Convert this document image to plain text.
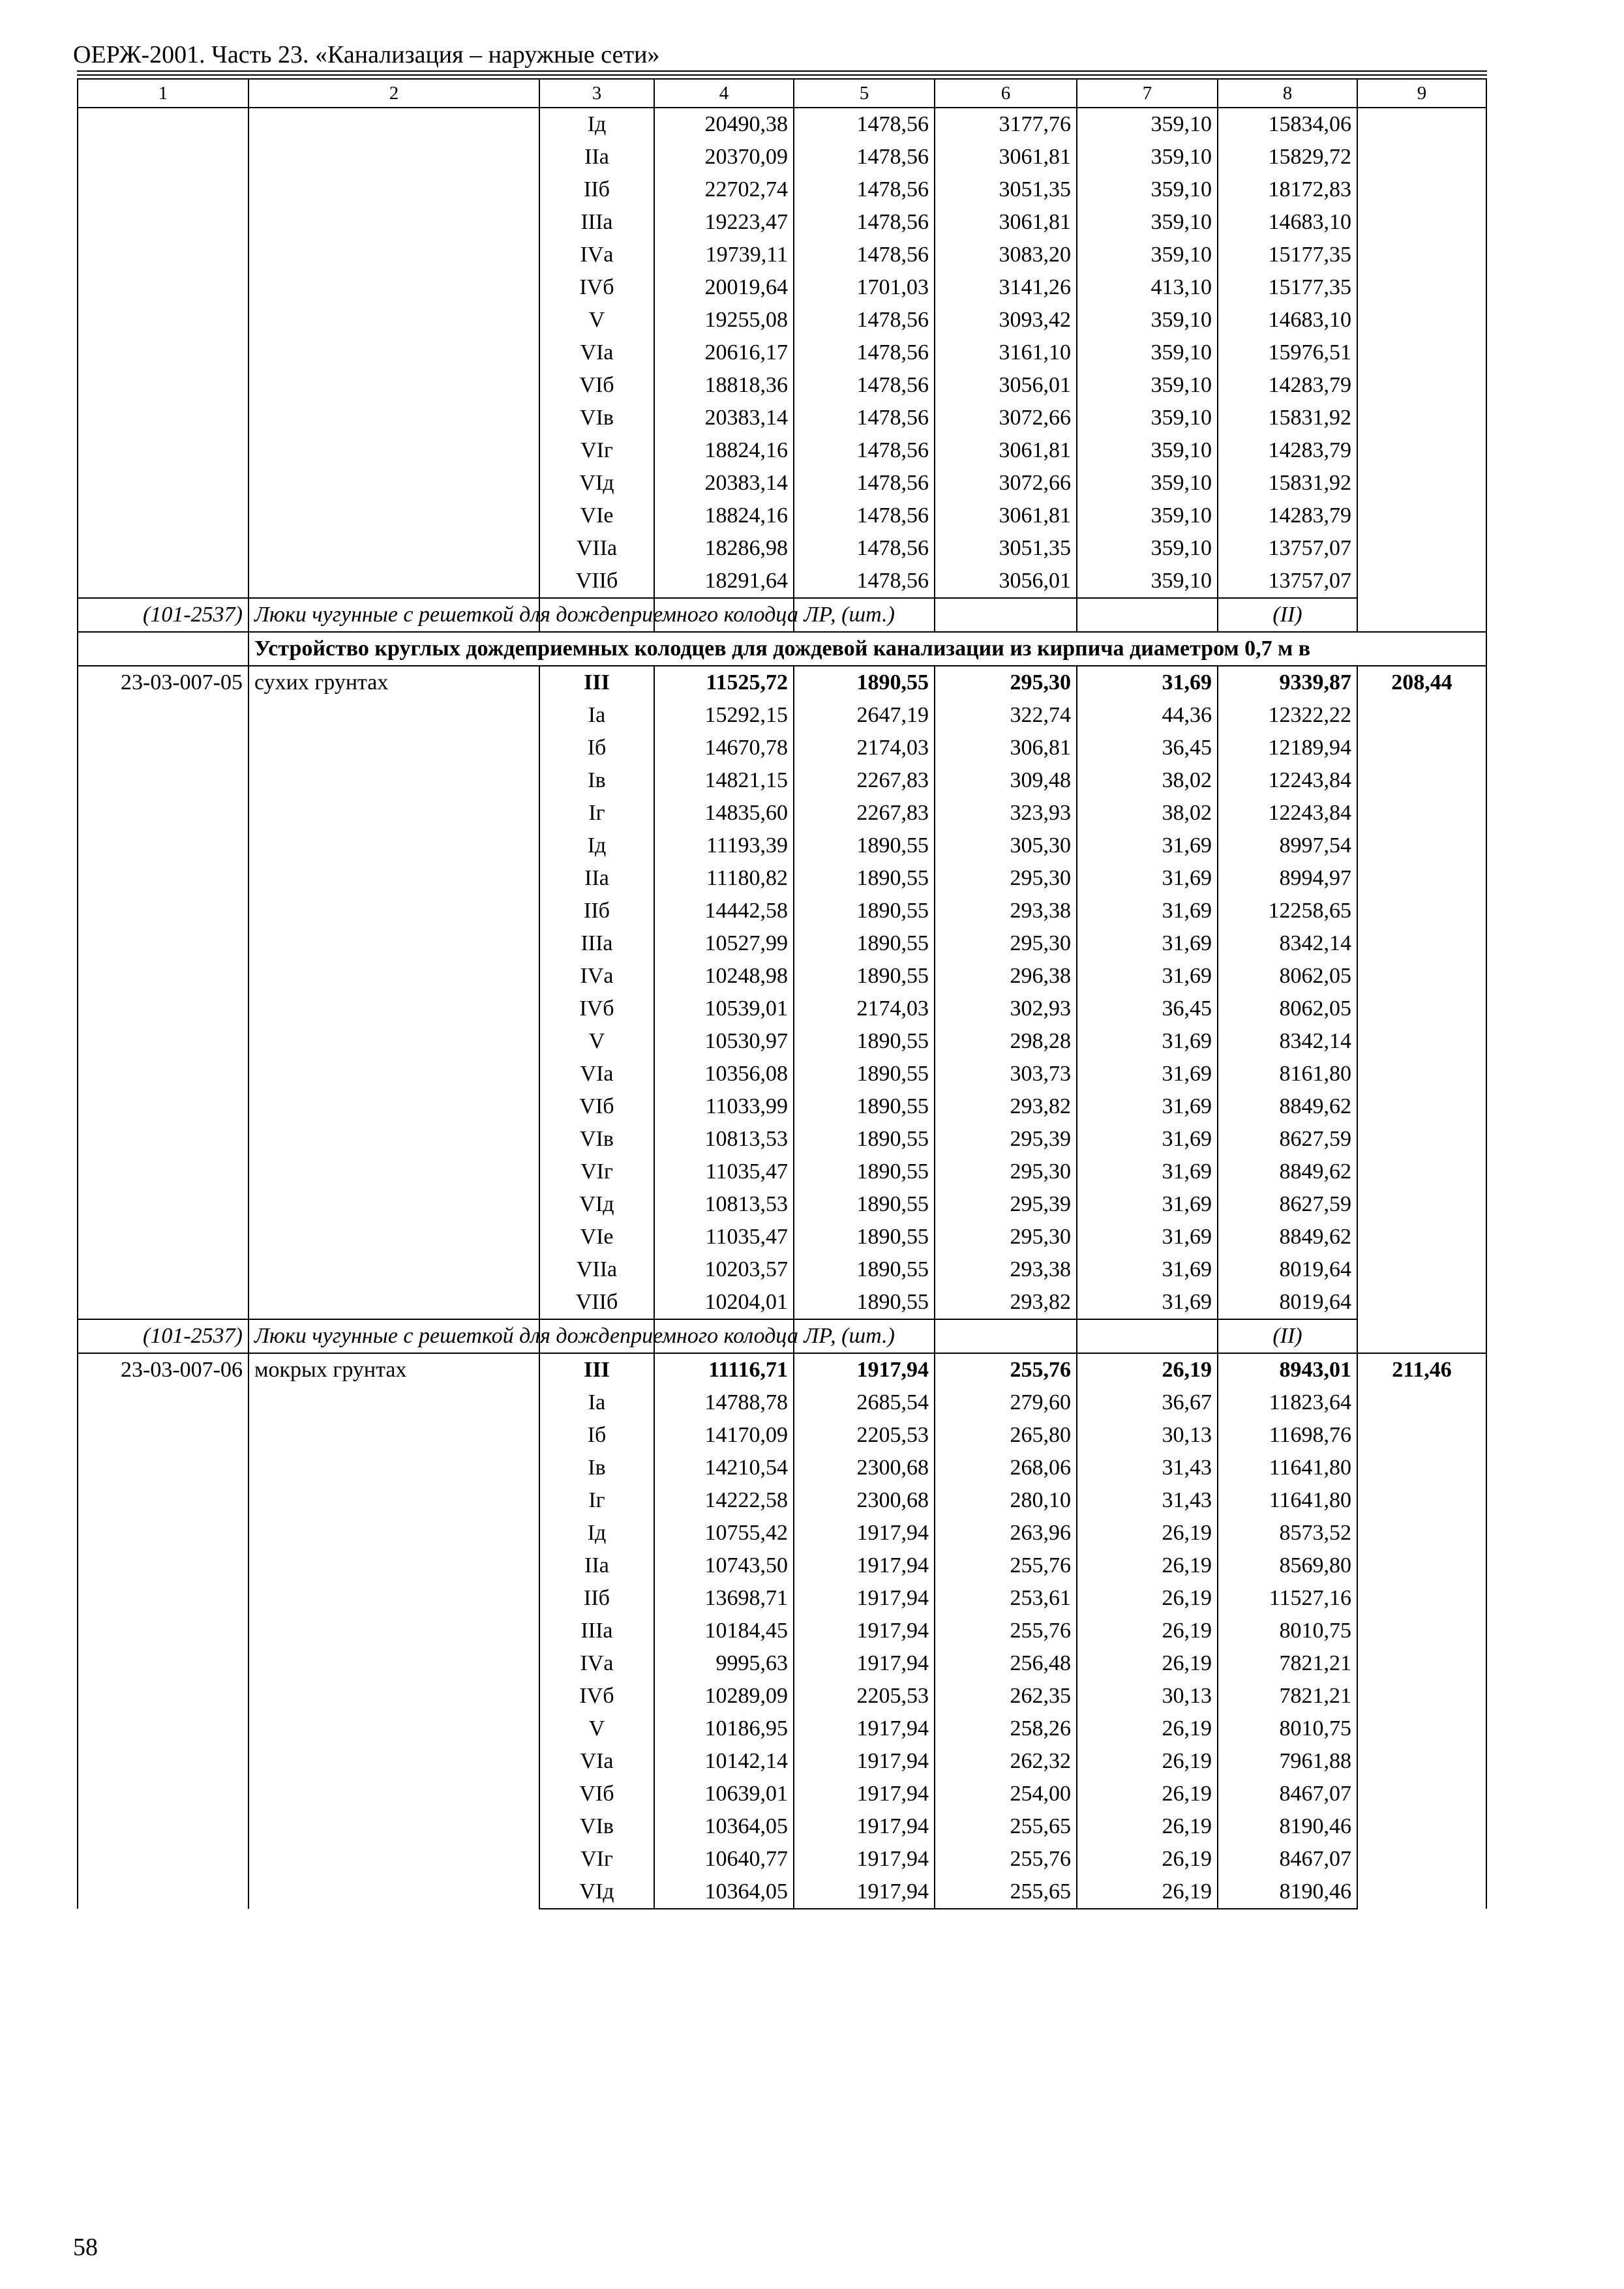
ОЕРЖ-2001. Часть 23. «Канализация – наружные сети»
1	2	3	4	5	6	7	8	9
		Iд	20490,38	1478,56	3177,76	359,10	15834,06	
		IIа	20370,09	1478,56	3061,81	359,10	15829,72	
		IIб	22702,74	1478,56	3051,35	359,10	18172,83	
		IIIа	19223,47	1478,56	3061,81	359,10	14683,10	
		IVа	19739,11	1478,56	3083,20	359,10	15177,35	
		IVб	20019,64	1701,03	3141,26	413,10	15177,35	
		V	19255,08	1478,56	3093,42	359,10	14683,10	
		VIа	20616,17	1478,56	3161,10	359,10	15976,51	
		VIб	18818,36	1478,56	3056,01	359,10	14283,79	
		VIв	20383,14	1478,56	3072,66	359,10	15831,92	
		VIг	18824,16	1478,56	3061,81	359,10	14283,79	
		VIд	20383,14	1478,56	3072,66	359,10	15831,92	
		VIе	18824,16	1478,56	3061,81	359,10	14283,79	
		VIIа	18286,98	1478,56	3051,35	359,10	13757,07	
		VIIб	18291,64	1478,56	3056,01	359,10	13757,07	
(101-2537)	Люки чугунные с решеткой для дождеприемного колодца ЛР, (шт.)						(II)	
	Устройство круглых дождеприемных колодцев для дождевой канализации из кирпича диаметром 0,7 м в							
23-03-007-05	сухих грунтах	III	11525,72	1890,55	295,30	31,69	9339,87	208,44
		Iа	15292,15	2647,19	322,74	44,36	12322,22	
		Iб	14670,78	2174,03	306,81	36,45	12189,94	
		Iв	14821,15	2267,83	309,48	38,02	12243,84	
		Iг	14835,60	2267,83	323,93	38,02	12243,84	
		Iд	11193,39	1890,55	305,30	31,69	8997,54	
		IIа	11180,82	1890,55	295,30	31,69	8994,97	
		IIб	14442,58	1890,55	293,38	31,69	12258,65	
		IIIа	10527,99	1890,55	295,30	31,69	8342,14	
		IVа	10248,98	1890,55	296,38	31,69	8062,05	
		IVб	10539,01	2174,03	302,93	36,45	8062,05	
		V	10530,97	1890,55	298,28	31,69	8342,14	
		VIа	10356,08	1890,55	303,73	31,69	8161,80	
		VIб	11033,99	1890,55	293,82	31,69	8849,62	
		VIв	10813,53	1890,55	295,39	31,69	8627,59	
		VIг	11035,47	1890,55	295,30	31,69	8849,62	
		VIд	10813,53	1890,55	295,39	31,69	8627,59	
		VIе	11035,47	1890,55	295,30	31,69	8849,62	
		VIIа	10203,57	1890,55	293,38	31,69	8019,64	
		VIIб	10204,01	1890,55	293,82	31,69	8019,64	
(101-2537)	Люки чугунные с решеткой для дождеприемного колодца ЛР, (шт.)						(II)	
23-03-007-06	мокрых грунтах	III	11116,71	1917,94	255,76	26,19	8943,01	211,46
		Iа	14788,78	2685,54	279,60	36,67	11823,64	
		Iб	14170,09	2205,53	265,80	30,13	11698,76	
		Iв	14210,54	2300,68	268,06	31,43	11641,80	
		Iг	14222,58	2300,68	280,10	31,43	11641,80	
		Iд	10755,42	1917,94	263,96	26,19	8573,52	
		IIа	10743,50	1917,94	255,76	26,19	8569,80	
		IIб	13698,71	1917,94	253,61	26,19	11527,16	
		IIIа	10184,45	1917,94	255,76	26,19	8010,75	
		IVа	9995,63	1917,94	256,48	26,19	7821,21	
		IVб	10289,09	2205,53	262,35	30,13	7821,21	
		V	10186,95	1917,94	258,26	26,19	8010,75	
		VIа	10142,14	1917,94	262,32	26,19	7961,88	
		VIб	10639,01	1917,94	254,00	26,19	8467,07	
		VIв	10364,05	1917,94	255,65	26,19	8190,46	
		VIг	10640,77	1917,94	255,76	26,19	8467,07	
		VIд	10364,05	1917,94	255,65	26,19	8190,46	
58
